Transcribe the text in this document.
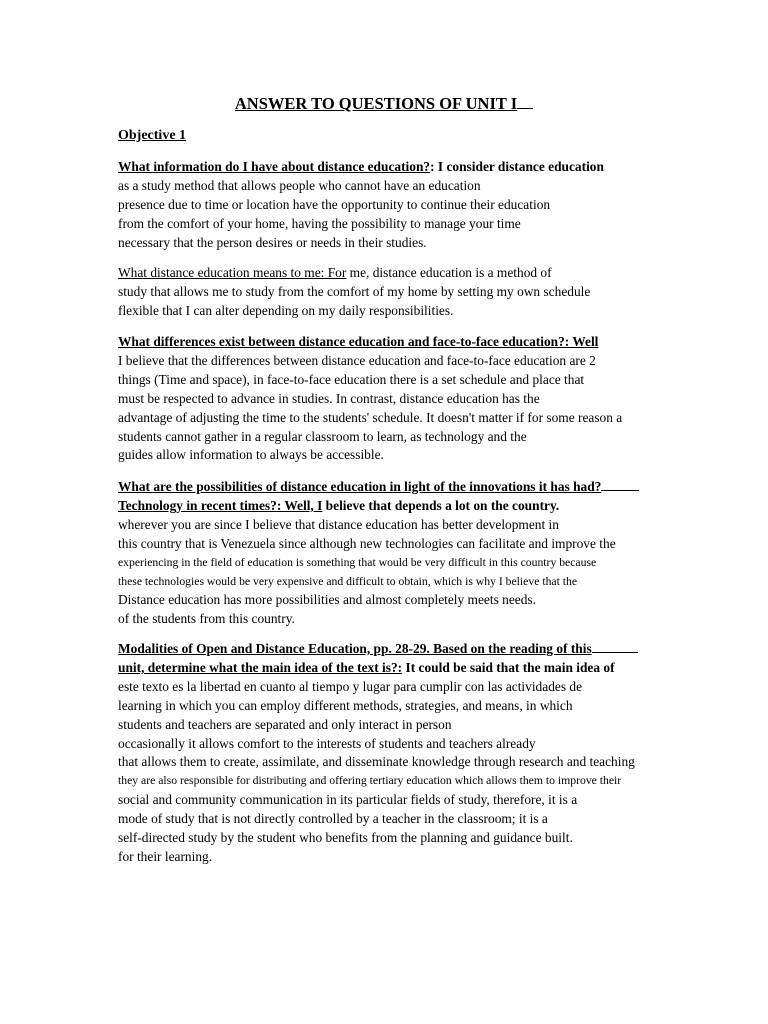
ANSWER TO QUESTIONS OF UNIT I
Objective 1
What information do I have about distance education?: I consider distance education
as a study method that allows people who cannot have an education
presence due to time or location have the opportunity to continue their education
from the comfort of your home, having the possibility to manage your time
necessary that the person desires or needs in their studies.
What distance education means to me: For me, distance education is a method of
study that allows me to study from the comfort of my home by setting my own schedule
flexible that I can alter depending on my daily responsibilities.
What differences exist between distance education and face-to-face education?: Well
I believe that the differences between distance education and face-to-face education are 2
things (Time and space), in face-to-face education there is a set schedule and place that
must be respected to advance in studies. In contrast, distance education has the
advantage of adjusting the time to the students' schedule. It doesn't matter if for some reason a
students cannot gather in a regular classroom to learn, as technology and the
guides allow information to always be accessible.
What are the possibilities of distance education in light of the innovations it has had?
Technology in recent times?: Well, I believe that depends a lot on the country.
wherever you are since I believe that distance education has better development in
this country that is Venezuela since although new technologies can facilitate and improve the
experiencing in the field of education is something that would be very difficult in this country because
these technologies would be very expensive and difficult to obtain, which is why I believe that the
Distance education has more possibilities and almost completely meets needs.
of the students from this country.
Modalities of Open and Distance Education, pp. 28-29. Based on the reading of this
unit, determine what the main idea of the text is?: It could be said that the main idea of
este texto es la libertad en cuanto al tiempo y lugar para cumplir con las actividades de
learning in which you can employ different methods, strategies, and means, in which
students and teachers are separated and only interact in person
occasionally it allows comfort to the interests of students and teachers already
that allows them to create, assimilate, and disseminate knowledge through research and teaching
they are also responsible for distributing and offering tertiary education which allows them to improve their
social and community communication in its particular fields of study, therefore, it is a
mode of study that is not directly controlled by a teacher in the classroom; it is a
self-directed study by the student who benefits from the planning and guidance built.
for their learning.
